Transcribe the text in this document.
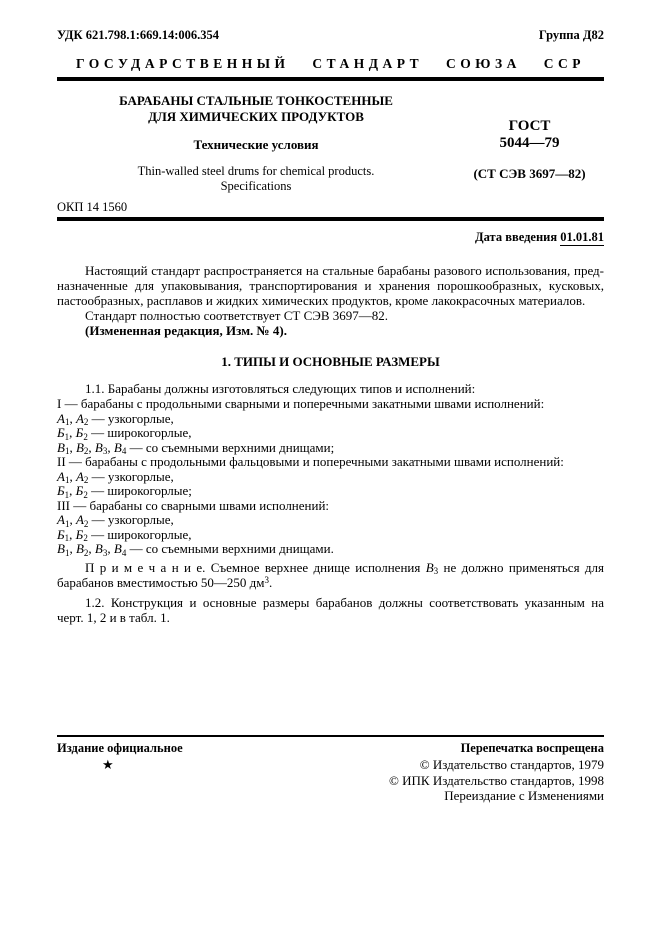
УДК 621.798.1:669.14:006.354	Группа Д82
ГОСУДАРСТВЕННЫЙ СТАНДАРТ СОЮЗА ССР
БАРАБАНЫ СТАЛЬНЫЕ ТОНКОСТЕННЫЕ
ДЛЯ ХИМИЧЕСКИХ ПРОДУКТОВ
Технические условия
Thin-walled steel drums for chemical products.
Specifications
ГОСТ
5044—79
(СТ СЭВ 3697—82)
ОКП 14 1560
Дата введения 01.01.81
Настоящий стандарт распространяется на стальные барабаны разового использования, предназначенные для упаковывания, транспортирования и хранения порошкообразных, кусковых, пастообразных, расплавов и жидких химических продуктов, кроме лакокрасочных материалов.
Стандарт полностью соответствует СТ СЭВ 3697—82.
(Измененная редакция, Изм. № 4).
1. ТИПЫ И ОСНОВНЫЕ РАЗМЕРЫ
1.1. Барабаны должны изготовляться следующих типов и исполнений:
I — барабаны с продольными сварными и поперечными закатными швами исполнений:
$А_1$, $А_2$ — узкогорлые,
$Б_1$, $Б_2$ — широкогорлые,
$В_1$, $В_2$, $В_3$, $В_4$ — со съемными верхними днищами;
II — барабаны с продольными фальцовыми и поперечными закатными швами исполнений:
$А_1$, $А_2$ — узкогорлые,
$Б_1$, $Б_2$ — широкогорлые;
III — барабаны со сварными швами исполнений:
$А_1$, $А_2$ — узкогорлые,
$Б_1$, $Б_2$ — широкогорлые,
$В_1$, $В_2$, $В_3$, $В_4$ — со съемными верхними днищами.
П р и м е ч а н и е. Съемное верхнее днище исполнения $В_3$ не должно применяться для барабанов вместимостью 50—250 $дм^3$.
1.2. Конструкция и основные размеры барабанов должны соответствовать указанным на черт. 1, 2 и в табл. 1.
Издание официальное	Перепечатка воспрещена
★	© Издательство стандартов, 1979
© ИПК Издательство стандартов, 1998
Переиздание с Изменениями
